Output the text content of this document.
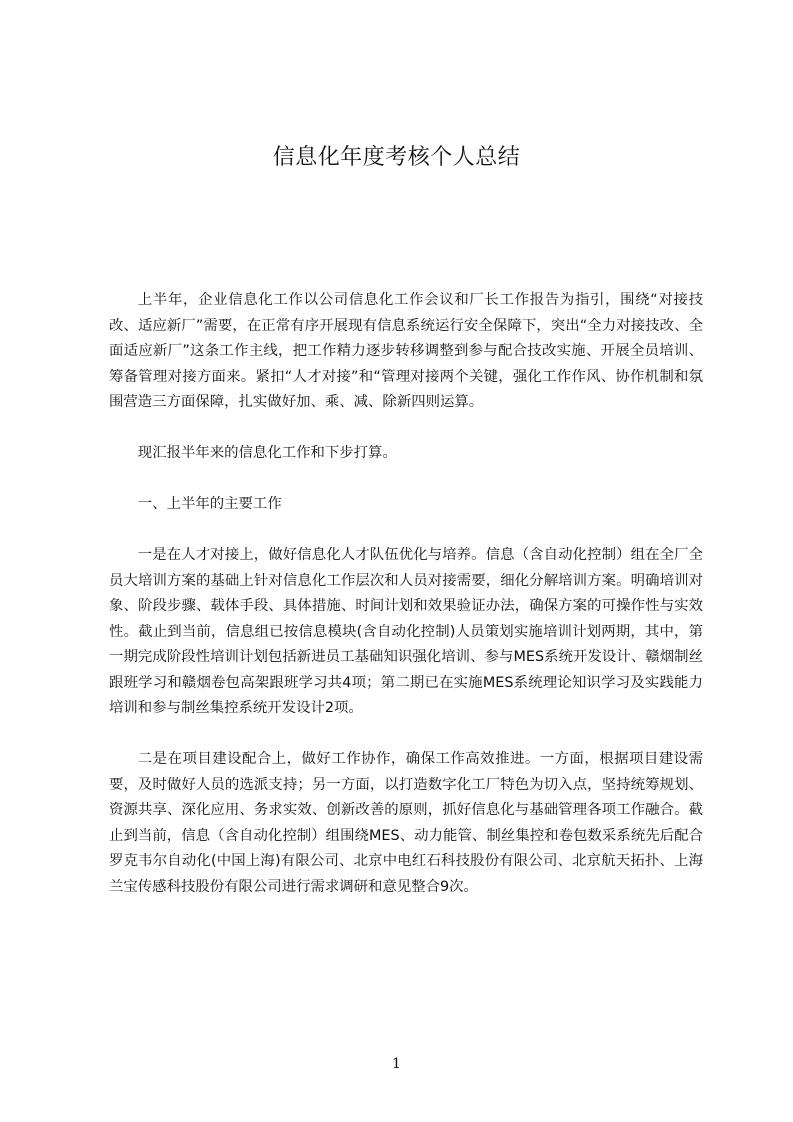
信息化年度考核个人总结

上半年，企业信息化工作以公司信息化工作会议和厂长工作报告为指引，围绕“对接技改、适应新厂”需要，在正常有序开展现有信息系统运行安全保障下，突出“全力对接技改、全面适应新厂”这条工作主线，把工作精力逐步转移调整到参与配合技改实施、开展全员培训、筹备管理对接方面来。紧扣“人才对接”和“管理对接两个关键，强化工作作风、协作机制和氛围营造三方面保障，扎实做好加、乘、减、除新四则运算。

现汇报半年来的信息化工作和下步打算。

一、上半年的主要工作

一是在人才对接上，做好信息化人才队伍优化与培养。信息（含自动化控制）组在全厂全员大培训方案的基础上针对信息化工作层次和人员对接需要，细化分解培训方案。明确培训对象、阶段步骤、载体手段、具体措施、时间计划和效果验证办法，确保方案的可操作性与实效性。截止到当前，信息组已按信息模块(含自动化控制)人员策划实施培训计划两期，其中，第一期完成阶段性培训计划包括新进员工基础知识强化培训、参与MES系统开发设计、赣烟制丝跟班学习和赣烟卷包高架跟班学习共4项；第二期已在实施MES系统理论知识学习及实践能力培训和参与制丝集控系统开发设计2项。

二是在项目建设配合上，做好工作协作，确保工作高效推进。一方面，根据项目建设需要，及时做好人员的选派支持；另一方面，以打造数字化工厂特色为切入点，坚持统筹规划、资源共享、深化应用、务求实效、创新改善的原则，抓好信息化与基础管理各项工作融合。截止到当前，信息（含自动化控制）组围绕MES、动力能管、制丝集控和卷包数采系统先后配合罗克韦尔自动化(中国上海)有限公司、北京中电红石科技股份有限公司、北京航天拓扑、上海兰宝传感科技股份有限公司进行需求调研和意见整合9次。

1
